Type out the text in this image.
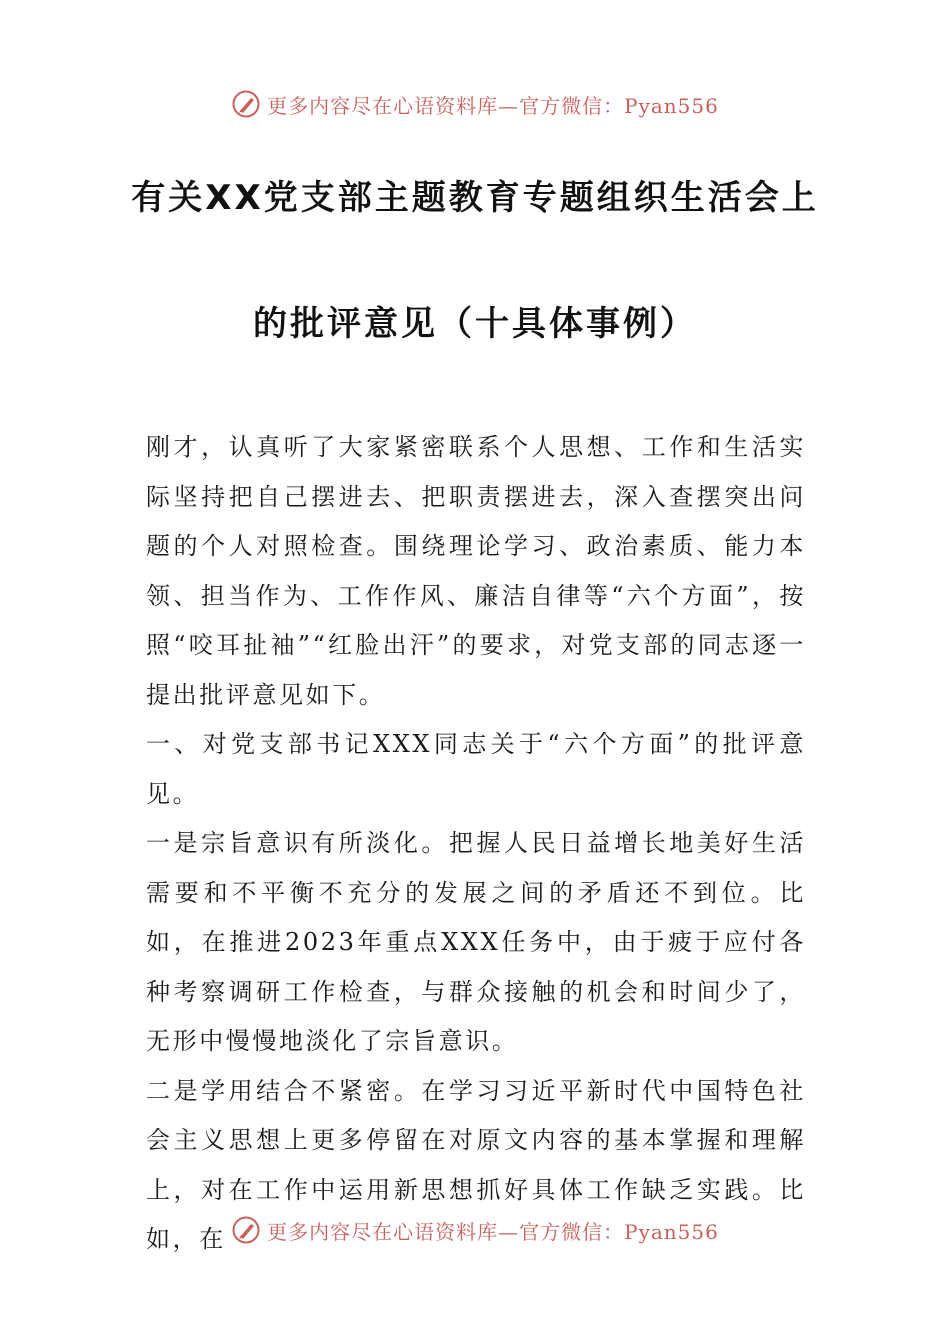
更多内容尽在心语资料库—官方微信：Pyan556
有关XX党支部主题教育专题组织生活会上
的批评意见（十具体事例）

刚才，认真听了大家紧密联系个人思想、工作和生活实际坚持把自己摆进去、把职责摆进去，深入查摆突出问题的个人对照检查。围绕理论学习、政治素质、能力本领、担当作为、工作作风、廉洁自律等“六个方面”，按照“咬耳扯袖”“红脸出汗”的要求，对党支部的同志逐一提出批评意见如下。

一、对党支部书记XXX同志关于“六个方面”的批评意见。

一是宗旨意识有所淡化。把握人民日益增长地美好生活需要和不平衡不充分的发展之间的矛盾还不到位。比如，在推进2023年重点XXX任务中，由于疲于应付各种考察调研工作检查，与群众接触的机会和时间少了，无形中慢慢地淡化了宗旨意识。

二是学用结合不紧密。在学习习近平新时代中国特色社会主义思想上更多停留在对原文内容的基本掌握和理解上，对在工作中运用新思想抓好具体工作缺乏实践。比如，在	更多内容尽在心语资料库—官方微信：Pyan556
